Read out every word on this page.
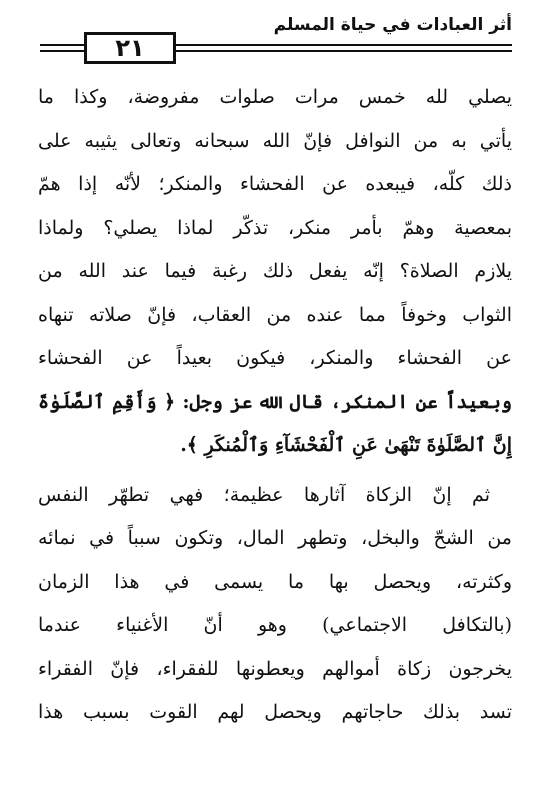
أثر العبادات في حياة المسلم
٢١
يصلي لله خمس مرات صلوات مفروضة، وكذا ما
يأتي به من النوافل فإنّ الله سبحانه وتعالى يثيبه على
ذلك كلّه، فيبعده عن الفحشاء والمنكر؛ لأنّه إذا همّ
بمعصية وهمّ بأمر منكر، تذكّر لماذا يصلي؟ ولماذا
يلازم الصلاة؟ إنّه يفعل ذلك رغبة فيما عند الله من
الثواب وخوفاً مما عنده من العقاب، فإنّ صلاته تنهاه
عن الفحشاء والمنكر، فيكون بعيداً عن الفحشاء
وبعيداً عن المنكر، قال الله عز وجل: ﴿ وَأَقِمِ ٱلصَّلَوٰةَ
إِنَّ ٱلصَّلَوٰةَ تَنْهَىٰ عَنِ ٱلْفَحْشَآءِ وَٱلْمُنكَرِ ﴾.
ثم إنّ الزكاة آثارها عظيمة؛ فهي تطهّر النفس
من الشحّ والبخل، وتطهر المال، وتكون سبباً في نمائه
وكثرته، ويحصل بها ما يسمى في هذا الزمان
(بالتكافل الاجتماعي) وهو أنّ الأغنياء عندما
يخرجون زكاة أموالهم ويعطونها للفقراء، فإنّ الفقراء
تسد بذلك حاجاتهم ويحصل لهم القوت بسبب هذا
